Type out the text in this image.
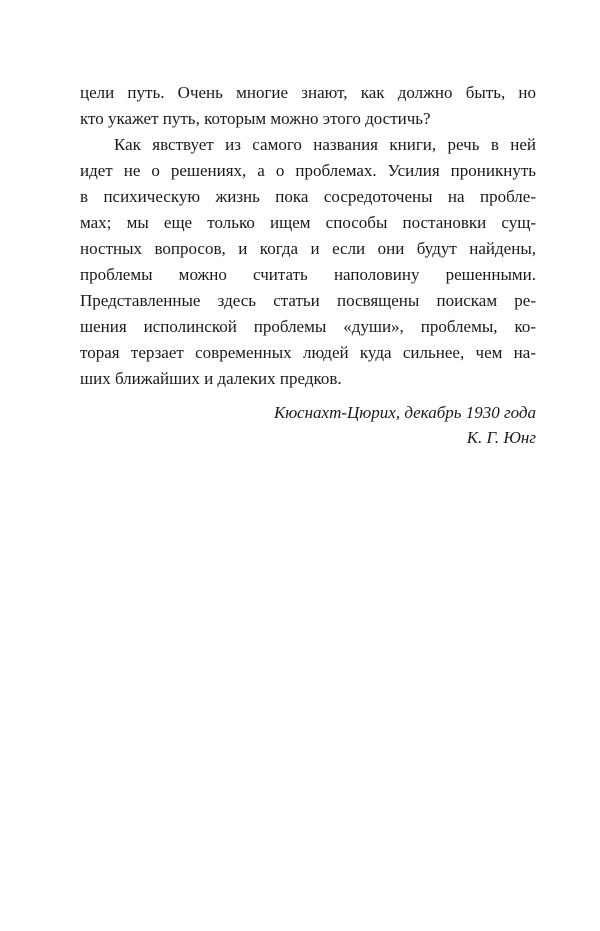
цели путь. Очень многие знают, как должно быть, но
кто укажет путь, которым можно этого достичь?
Как явствует из самого названия книги, речь в ней
идет не о решениях, а о проблемах. Усилия проникнуть
в психическую жизнь пока сосредоточены на пробле-
мах; мы еще только ищем способы постановки сущ-
ностных вопросов, и когда и если они будут найдены,
проблемы можно считать наполовину решенными.
Представленные здесь статьи посвящены поискам ре-
шения исполинской проблемы «души», проблемы, ко-
торая терзает современных людей куда сильнее, чем на-
ших ближайших и далеких предков.
Кюснахт-Цюрих, декабрь 1930 года
К. Г. Юнг
